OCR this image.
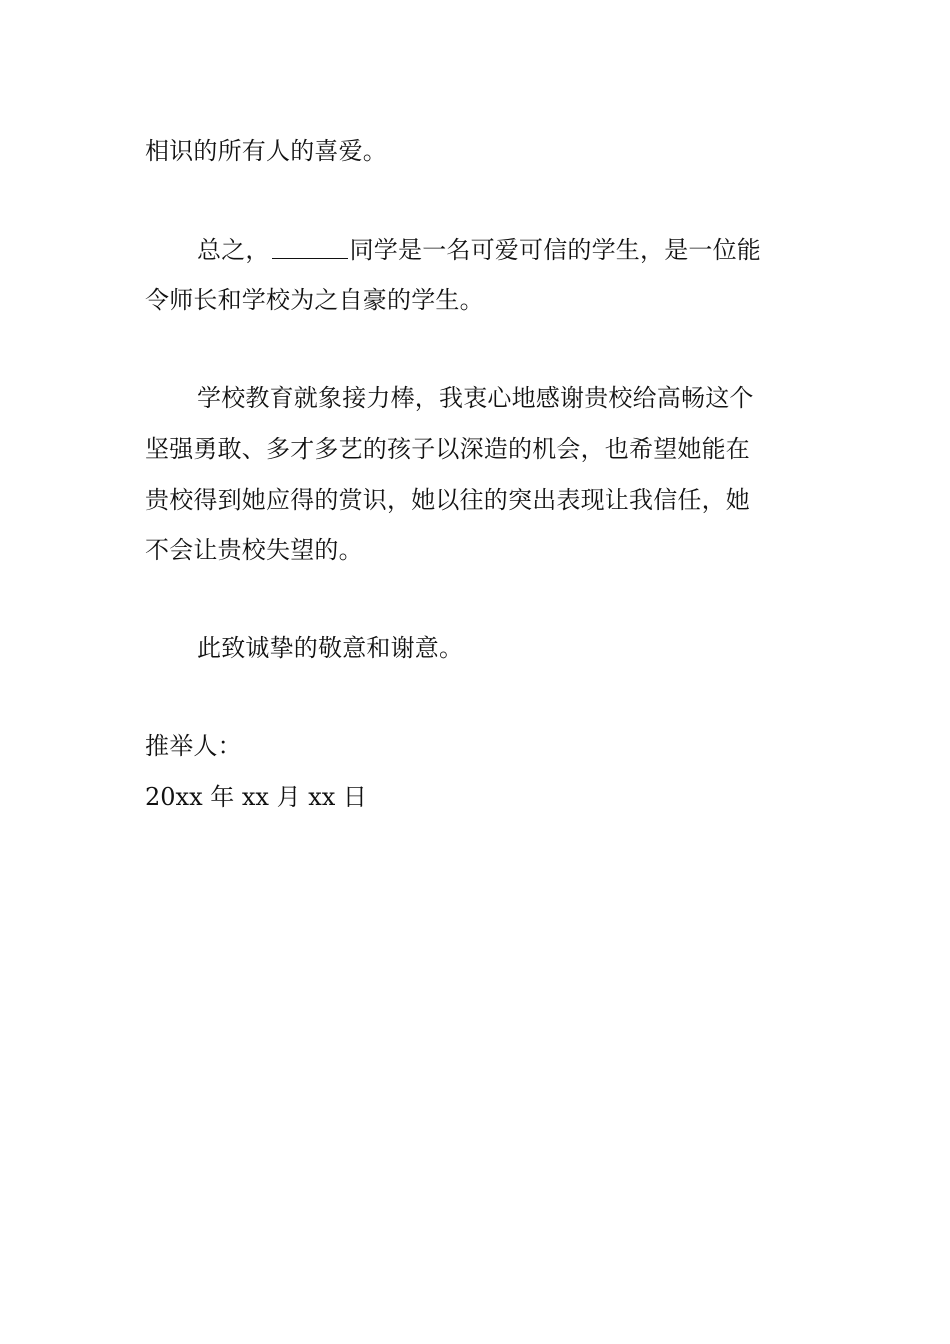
相识的所有人的喜爱。
总之，	同学是一名可爱可信的学生，是一位能
令师长和学校为之自豪的学生。
学校教育就象接力棒，我衷心地感谢贵校给高畅这个
坚强勇敢、多才多艺的孩子以深造的机会，也希望她能在
贵校得到她应得的赏识，她以往的突出表现让我信任，她
不会让贵校失望的。
此致诚挚的敬意和谢意。
推举人：
20xx 年 xx 月 xx 日
